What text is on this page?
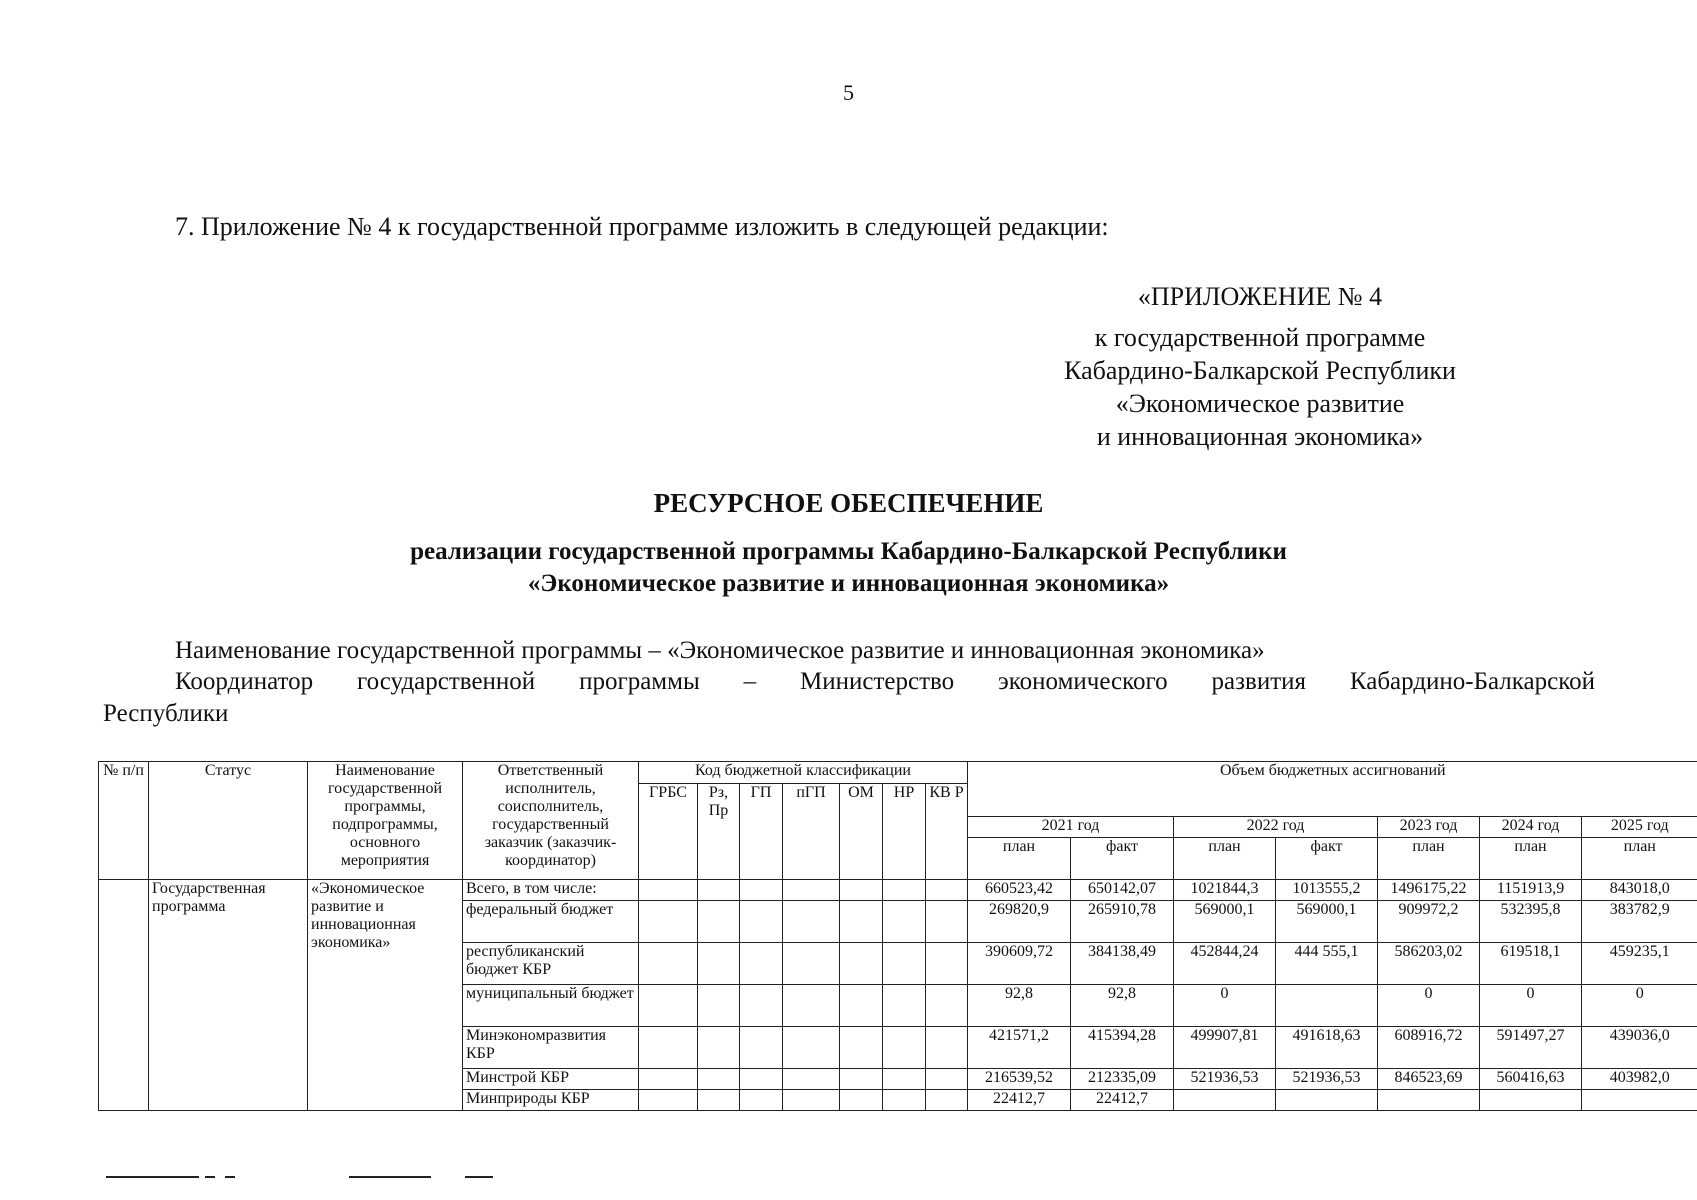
5
7. Приложение № 4 к государственной программе изложить в следующей редакции:
«ПРИЛОЖЕНИЕ № 4
к государственной программе
Кабардино-Балкарской Республики
«Экономическое развитие
и инновационная экономика»
РЕСУРСНОЕ ОБЕСПЕЧЕНИЕ
реализации государственной программы Кабардино-Балкарской Республики
«Экономическое развитие и инновационная экономика»
Наименование государственной программы – «Экономическое развитие и инновационная экономика»
Координатор государственной программы – Министерство экономического развития Кабардино-Балкарской
Республики
№ п/п	Статус	Наименование государственной программы, подпрограммы, основного мероприятия	Ответственный исполнитель, соисполнитель, государственный заказчик (заказчик-координатор)	Код бюджетной классификации							Объем бюджетных ассигнований						
				ГРБС	Рз, Пр	ГП	пГП	ОМ	НР	КВ Р							
											2021 год		2022 год		2023 год	2024 год	2025 год
											план	факт	план	факт	план	план	план
	Государственная программа	«Экономическое развитие и инновационная экономика»	Всего, в том числе:								660523,42	650142,07	1021844,3	1013555,2	1496175,22	1151913,9	843018,0
			федеральный бюджет								269820,9	265910,78	569000,1	569000,1	909972,2	532395,8	383782,9
			республиканский бюджет КБР								390609,72	384138,49	452844,24	444 555,1	586203,02	619518,1	459235,1
			муниципальный бюджет								92,8	92,8	0		0	0	0
			Минэкономразвития КБР								421571,2	415394,28	499907,81	491618,63	608916,72	591497,27	439036,0
			Минстрой КБР								216539,52	212335,09	521936,53	521936,53	846523,69	560416,63	403982,0
			Минприроды КБР								22412,7	22412,7					
